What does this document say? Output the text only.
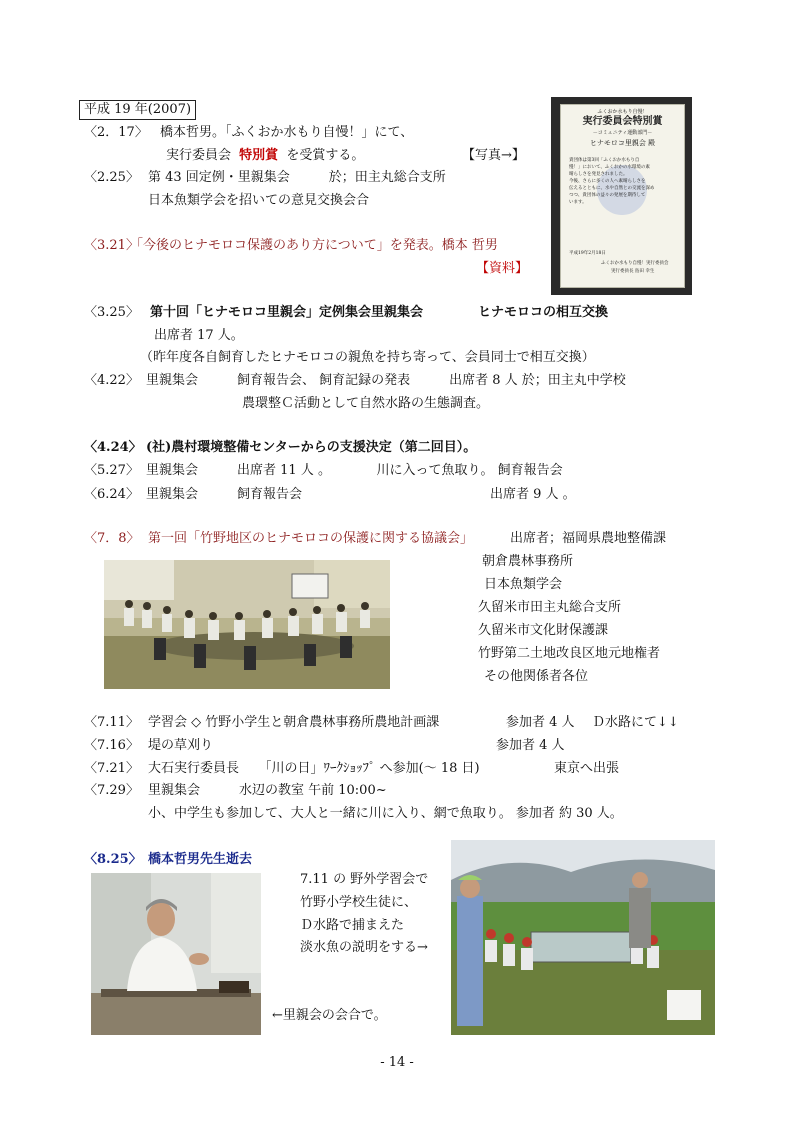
平成 19 年(2007)
〈2．17〉 橋本哲男。「ふくおか水もり自慢！」にて、
実行委員会 特別賞 を受賞する。	【写真→】
〈2.25〉 第 43 回定例・里親集会　　　於；田主丸総合支所
日本魚類学会を招いての意見交換会合
〈3.21〉
「今後のヒナモロコ保護のあり方について」を発表。橋本 哲男
【資料】
ふくおか水もり自慢！
実行委員会特別賞
－コミュニティ運動部門－
ヒナモロコ里親会 殿
貴団体は第3回「ふくおか水もり自
慢！」において、ふくおかの水環境の素
晴らしさを発見されました。
今後、さらに多くの人へ素晴らしさを
伝えるとともに、水や自然との交流を深め
つつ、貴団体の益々の発展を期待して
います。
平成19年2月18日
ふくおか水もり自慢！実行委員会
実行委員長 島田 幸生
〈3.25〉 第十回「ヒナモロコ里親会」定例集会里親集会	ヒナモロコの相互交換
出席者 17 人。
（昨年度各自飼育したヒナモロコの親魚を持ち寄って、会員同士で相互交換）
〈4.22〉 里親集会　　　飼育報告会、 飼育記録の発表　　　出席者 8 人 於；田主丸中学校
農環整Ｃ活動として自然水路の生態調査。
〈4.24〉 (社)農村環境整備センターからの支援決定（第二回目）。
〈5.27〉 里親集会　　　出席者 11 人 。　　　　川に入って魚取り。 飼育報告会
〈6.24〉 里親集会　　　飼育報告会	出席者 9 人 。
〈7．8〉 第一回「竹野地区のヒナモロコの保護に関する協議会」	出席者；福岡県農地整備課
朝倉農林事務所
日本魚類学会
久留米市田主丸総合支所
久留米市文化財保護課
竹野第二土地改良区地元地権者
その他関係者各位
〈7.11〉 学習会 ◇ 竹野小学生と朝倉農林事務所農地計画課	参加者 4 人 Ｄ水路にて↓↓
〈7.16〉 堤の草刈り	参加者 4 人
〈7.21〉 大石実行委員長　　「川の日」ﾜｰｸｼｮｯﾌﾟ へ参加(～ 18 日)	東京へ出張
〈7.29〉 里親集会　　　水辺の教室 午前 10:00~
小、中学生も参加して、大人と一緒に川に入り、網で魚取り。 参加者 約 30 人。
〈8.25〉 橋本哲男先生逝去
7.11 の 野外学習会で
竹野小学校生徒に、
Ｄ水路で捕まえた
淡水魚の説明をする→
←里親会の会合で。
- 14 -
